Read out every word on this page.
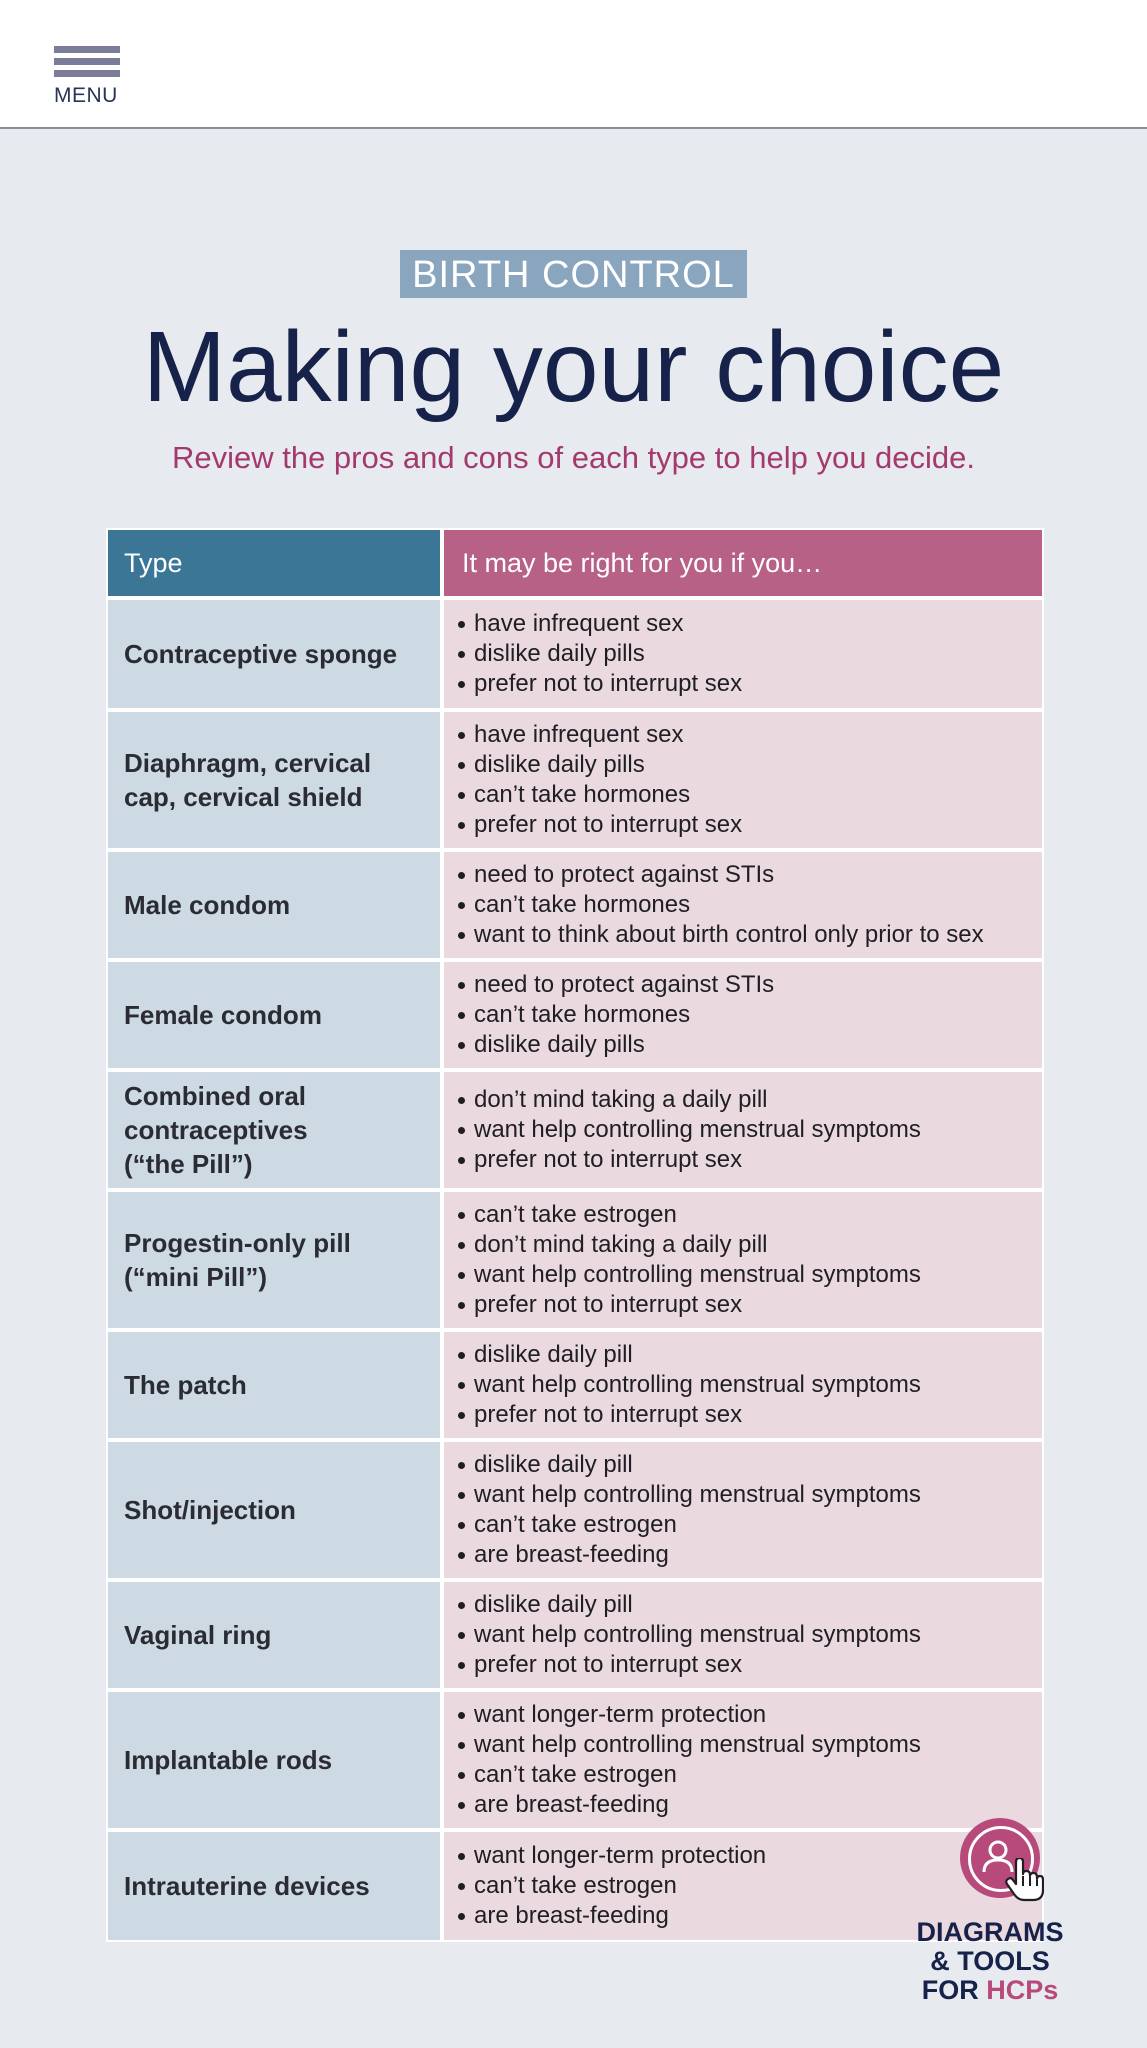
MENU
BIRTH CONTROL
Making your choice

Review the pros and cons of each type to help you decide.

Type	It may be right for you if you…
Contraceptive sponge
have infrequent sex
dislike daily pills
prefer not to interrupt sex
Diaphragm, cervical
cap, cervical shield
have infrequent sex
dislike daily pills
can’t take hormones
prefer not to interrupt sex
Male condom
need to protect against STIs
can’t take hormones
want to think about birth control only prior to sex
Female condom
need to protect against STIs
can’t take hormones
dislike daily pills
Combined oral
contraceptives
(“the Pill”)
don’t mind taking a daily pill
want help controlling menstrual symptoms
prefer not to interrupt sex
Progestin-only pill
(“mini Pill”)
can’t take estrogen
don’t mind taking a daily pill
want help controlling menstrual symptoms
prefer not to interrupt sex
The patch
dislike daily pill
want help controlling menstrual symptoms
prefer not to interrupt sex
Shot/injection
dislike daily pill
want help controlling menstrual symptoms
can’t take estrogen
are breast-feeding
Vaginal ring
dislike daily pill
want help controlling menstrual symptoms
prefer not to interrupt sex
Implantable rods
want longer-term protection
want help controlling menstrual symptoms
can’t take estrogen
are breast-feeding
Intrauterine devices
want longer-term protection
can’t take estrogen
are breast-feeding
DIAGRAMS
& TOOLS
FOR HCPs
